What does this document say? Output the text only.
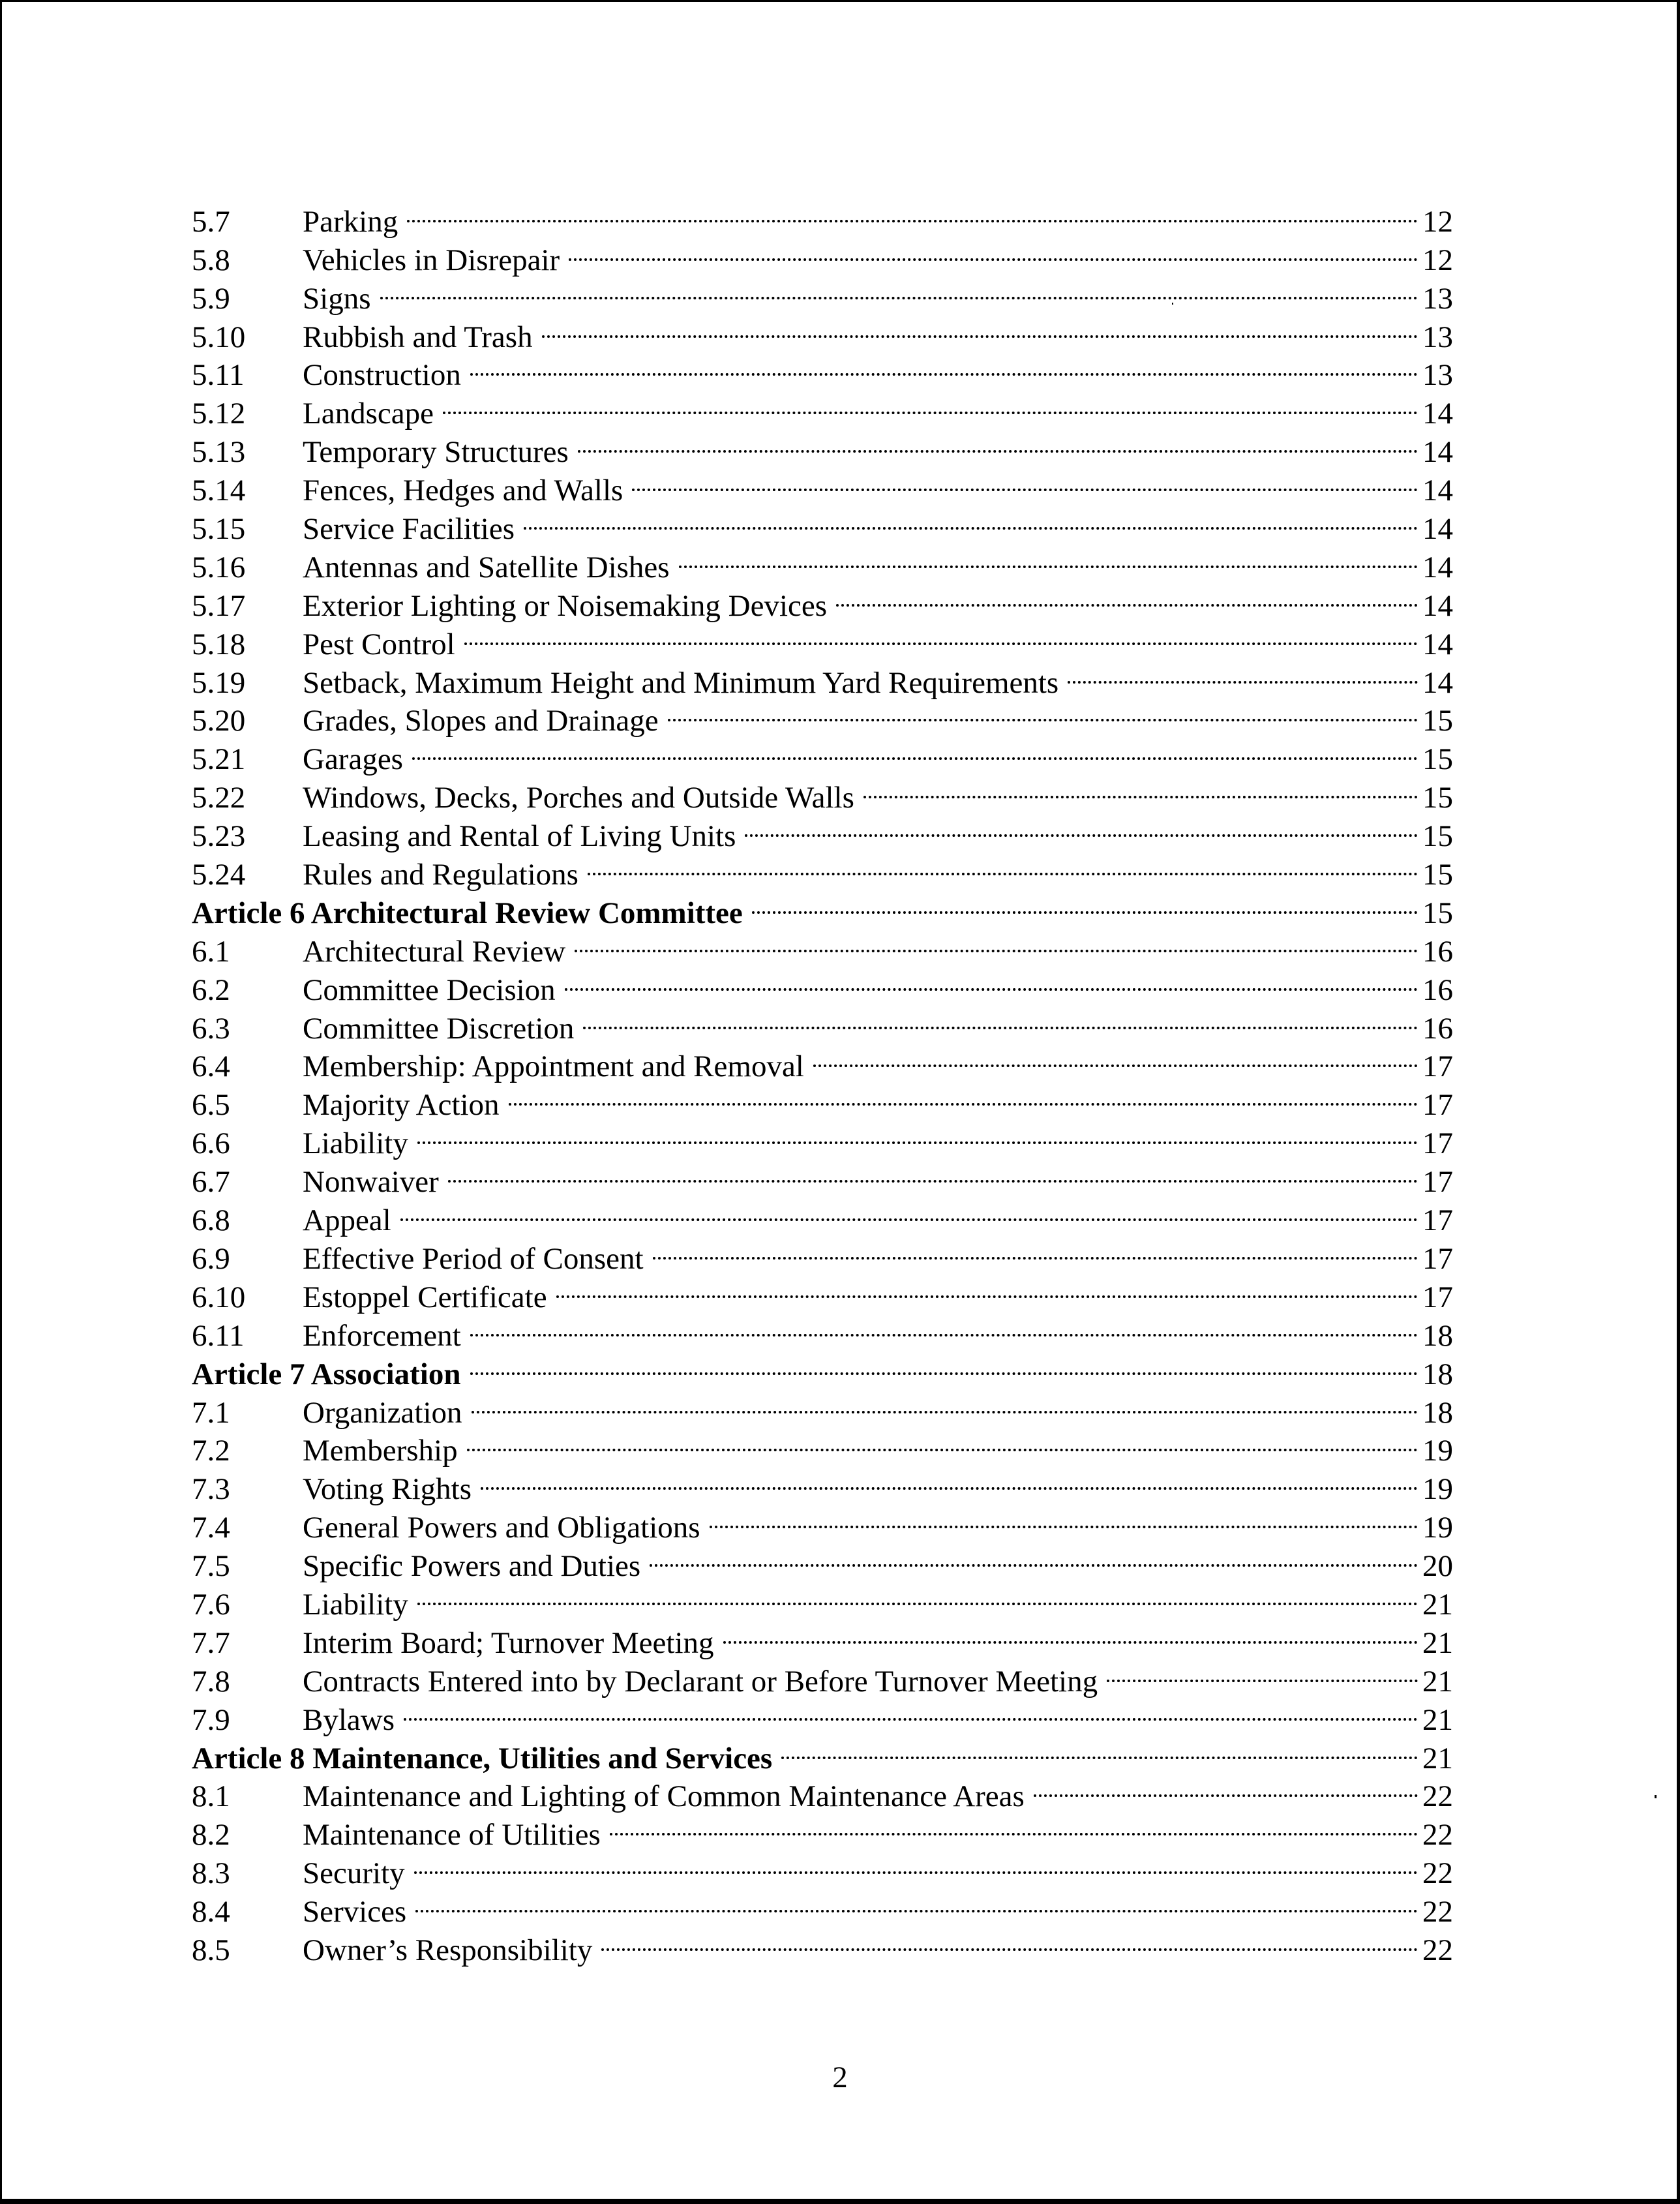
5.7	Parking	12
5.8	Vehicles in Disrepair	12
5.9	Signs	13
5.10	Rubbish and Trash	13
5.11	Construction	13
5.12	Landscape	14
5.13	Temporary Structures	14
5.14	Fences, Hedges and Walls	14
5.15	Service Facilities	14
5.16	Antennas and Satellite Dishes	14
5.17	Exterior Lighting or Noisemaking Devices	14
5.18	Pest Control	14
5.19	Setback, Maximum Height and Minimum Yard Requirements	14
5.20	Grades, Slopes and Drainage	15
5.21	Garages	15
5.22	Windows, Decks, Porches and Outside Walls	15
5.23	Leasing and Rental of Living Units	15
5.24	Rules and Regulations	15
Article 6 Architectural Review Committee	15
6.1	Architectural Review	16
6.2	Committee Decision	16
6.3	Committee Discretion	16
6.4	Membership: Appointment and Removal	17
6.5	Majority Action	17
6.6	Liability	17
6.7	Nonwaiver	17
6.8	Appeal	17
6.9	Effective Period of Consent	17
6.10	Estoppel Certificate	17
6.11	Enforcement	18
Article 7 Association	18
7.1	Organization	18
7.2	Membership	19
7.3	Voting Rights	19
7.4	General Powers and Obligations	19
7.5	Specific Powers and Duties	20
7.6	Liability	21
7.7	Interim Board; Turnover Meeting	21
7.8	Contracts Entered into by Declarant or Before Turnover Meeting	21
7.9	Bylaws	21
Article 8 Maintenance, Utilities and Services	21
8.1	Maintenance and Lighting of Common Maintenance Areas	22
8.2	Maintenance of Utilities	22
8.3	Security	22
8.4	Services	22
8.5	Owner’s Responsibility	22
2
